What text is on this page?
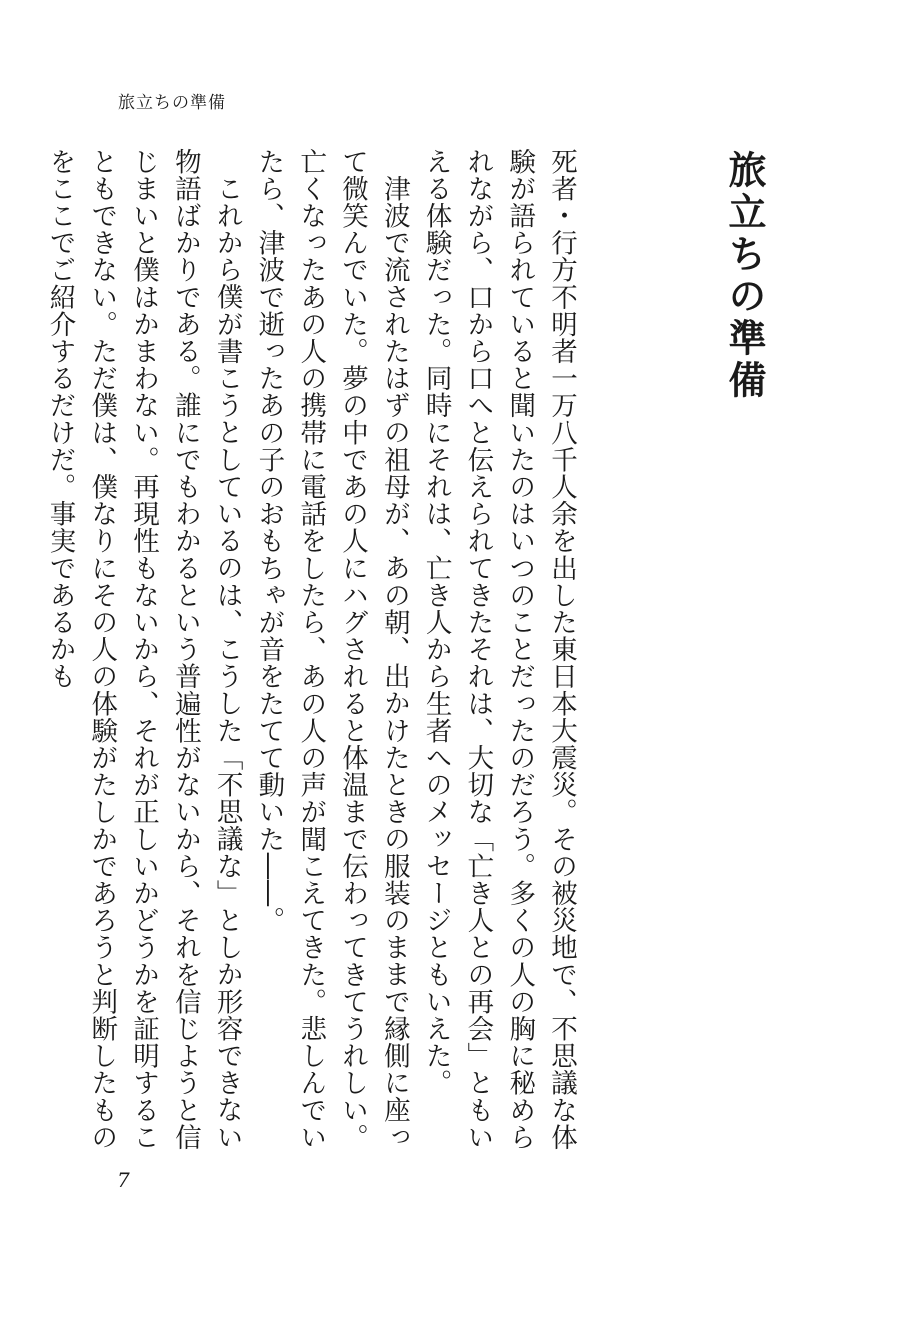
旅立ちの準備
旅立ちの準備

死者・行方不明者一万八千人余を出した東日本大震災。その被災地で、不思議な体験が語られていると聞いたのはいつのことだったのだろう。多くの人の胸に秘められながら、口から口へと伝えられてきたそれは、大切な「亡き人との再会」ともいえる体験だった。同時にそれは、亡き人から生者へのメッセージともいえた。

津波で流されたはずの祖母が、あの朝、出かけたときの服装のままで縁側に座って微笑んでいた。夢の中であの人にハグされると体温まで伝わってきてうれしい。亡くなったあの人の携帯に電話をしたら、あの人の声が聞こえてきた。悲しんでいたら、津波で逝ったあの子のおもちゃが音をたてて動いた――。

これから僕が書こうとしているのは、こうした「不思議な」としか形容できない物語ばかりである。誰にでもわかるという普遍性がないから、それを信じようと信じまいと僕はかまわない。再現性もないから、それが正しいかどうかを証明することもできない。ただ僕は、僕なりにその人の体験がたしかであろうと判断したものをここでご紹介するだけだ。事実であるかも

7
